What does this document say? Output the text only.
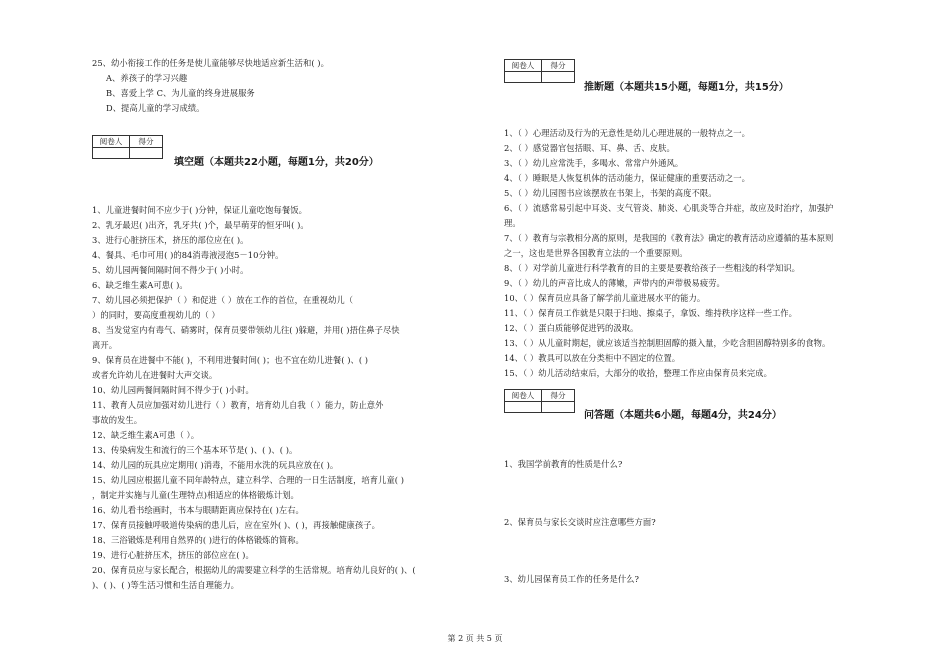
25、幼小衔接工作的任务是使儿童能够尽快地适应新生活和( )。
A、养孩子的学习兴趣
B、喜爱上学 C、为儿童的终身进展服务
D、提高儿童的学习成绩。
阅卷人	得分

填空题（本题共22小题，每题1分，共20分）
1、儿童进餐时间不应少于( )分钟，保证儿童吃饱每餐饭。
2、乳牙最迟( )出齐，乳牙共( )个，最早萌芽的恒牙叫( )。
3、进行心脏挤压术，挤压的部位应在( )。
4、餐具、毛巾可用( )的84消毒液浸泡5－10分钟。
5、幼儿园两餐间隔时间不得少于( )小时。
6、缺乏维生素A可患( )。
7、幼儿园必须把保护（ ）和促进（ ）放在工作的首位，在重视幼儿（
）的同时，要高度重视幼儿的（ ）
8、当发觉室内有毒气、硝雾时，保育员要带领幼儿往( )躲避，并用( )捂住鼻子尽快
离开。
9、保育员在进餐中不能( )，不利用进餐时间( )；也不宜在幼儿进餐( )、( )
或者允许幼儿在进餐时大声交谈。
10、幼儿园两餐间隔时间不得少于( )小时。
11、教育人员应加强对幼儿进行（ ）教育，培育幼儿自我（ ）能力，防止意外
事故的发生。
12、缺乏维生素A可患（ ）。
13、传染病发生和流行的三个基本环节是( )、( )、( )。
14、幼儿园的玩具应定期用( )消毒，不能用水洗的玩具应放在( )。
15、幼儿园应根据儿童不同年龄特点，建立科学、合理的一日生活制度，培育儿童( )
，制定并实施与儿童(生理特点)相适应的体格锻炼计划。
16、幼儿看书绘画时，书本与眼睛距离应保持在( )左右。
17、保育员接触呼吸道传染病的患儿后，应在室外( )、( )，再接触健康孩子。
18、三浴锻炼是利用自然界的( )进行的体格锻炼的简称。
19、进行心脏挤压术，挤压的部位应在( )。
20、保育员应与家长配合，根据幼儿的需要建立科学的生活常规。培育幼儿良好的( )、(
)、( )、( )等生活习惯和生活自理能力。
阅卷人	得分

推断题（本题共15小题，每题1分，共15分）
1、（ ）心理活动及行为的无意性是幼儿心理进展的一般特点之一。
2、（ ）感觉器官包括眼、耳、鼻、舌、皮肤。
3、（ ）幼儿应常洗手，多喝水、常常户外通风。
4、（ ）睡眠是人恢复机体的活动能力，保证健康的重要活动之一。
5、（ ）幼儿园图书应该摆放在书架上，书架的高度不限。
6、（ ）流感常易引起中耳炎、支气管炎、肺炎、心肌炎等合并症，故应及时治疗，加强护
理。
7、（ ）教育与宗教相分离的原则，是我国的《教育法》确定的教育活动应遵循的基本原则
之一，这也是世界各国教育立法的一个重要原则。
8、（ ）对学前儿童进行科学教育的目的主要是要教给孩子一些粗浅的科学知识。
9、（ ）幼儿的声音比成人的薄嫩，声带内的声带极易疲劳。
10、（ ）保育员应具备了解学前儿童进展水平的能力。
11、（ ）保育员工作就是只限于扫地、擦桌子，拿饭、维持秩序这样一些工作。
12、（ ）蛋白质能够促进钙的汲取。
13、（ ）从儿童时期起，就应该适当控制胆固醇的摄入量，少吃含胆固醇特别多的食物。
14、（ ）教具可以放在分类柜中不固定的位置。
15、（ ）幼儿活动结束后，大部分的收拾，整理工作应由保育员来完成。
阅卷人	得分

问答题（本题共6小题，每题4分，共24分）
1、我国学前教育的性质是什么?
2、保育员与家长交谈时应注意哪些方面?
3、幼儿园保育员工作的任务是什么?
第 2 页 共 5 页
